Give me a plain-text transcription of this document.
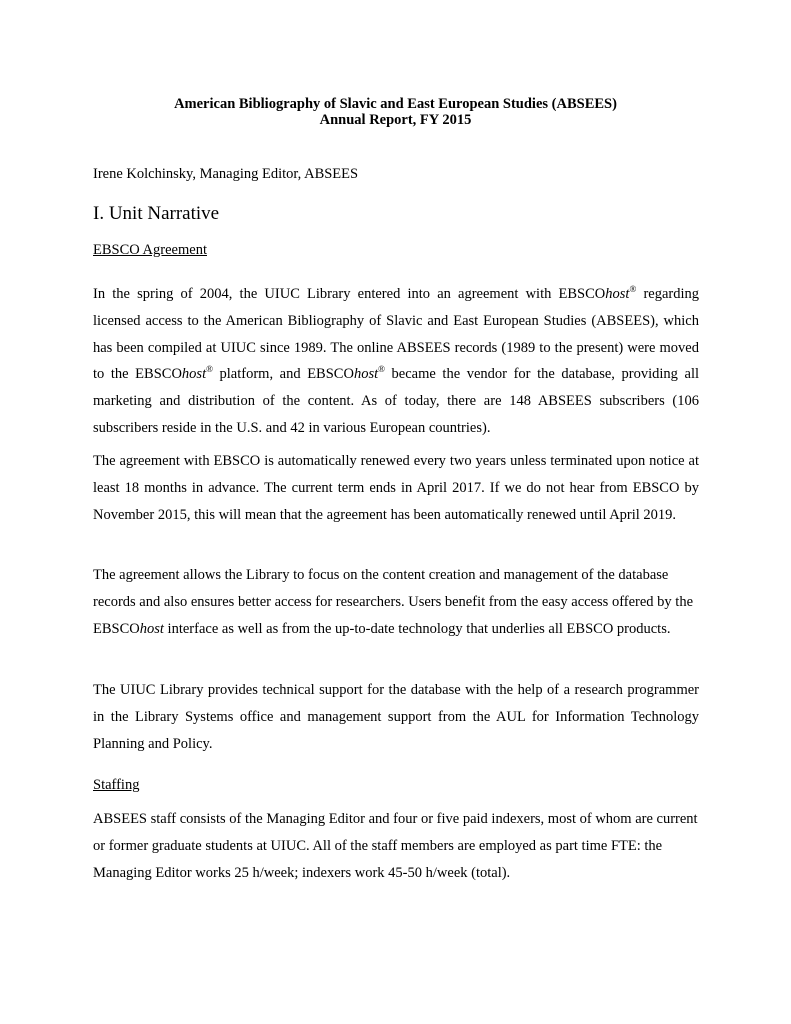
American Bibliography of Slavic and East European Studies (ABSEES)
Annual Report, FY 2015
Irene Kolchinsky, Managing Editor, ABSEES
I. Unit Narrative
EBSCO Agreement
In the spring of 2004, the UIUC Library entered into an agreement with EBSCOhost® regarding licensed access to the American Bibliography of Slavic and East European Studies (ABSEES), which has been compiled at UIUC since 1989. The online ABSEES records (1989 to the present) were moved to the EBSCOhost® platform, and EBSCOhost® became the vendor for the database, providing all marketing and distribution of the content. As of today, there are 148 ABSEES subscribers (106 subscribers reside in the U.S. and 42 in various European countries).
The agreement with EBSCO is automatically renewed every two years unless terminated upon notice at least 18 months in advance. The current term ends in April 2017. If we do not hear from EBSCO by November 2015, this will mean that the agreement has been automatically renewed until April 2019.
The agreement allows the Library to focus on the content creation and management of the database records and also ensures better access for researchers. Users benefit from the easy access offered by the EBSCOhost interface as well as from the up-to-date technology that underlies all EBSCO products.
The UIUC Library provides technical support for the database with the help of a research programmer in the Library Systems office and management support from the AUL for Information Technology Planning and Policy.
Staffing
ABSEES staff consists of the Managing Editor and four or five paid indexers, most of whom are current or former graduate students at UIUC. All of the staff members are employed as part time FTE: the Managing Editor works 25 h/week; indexers work 45-50 h/week (total).
